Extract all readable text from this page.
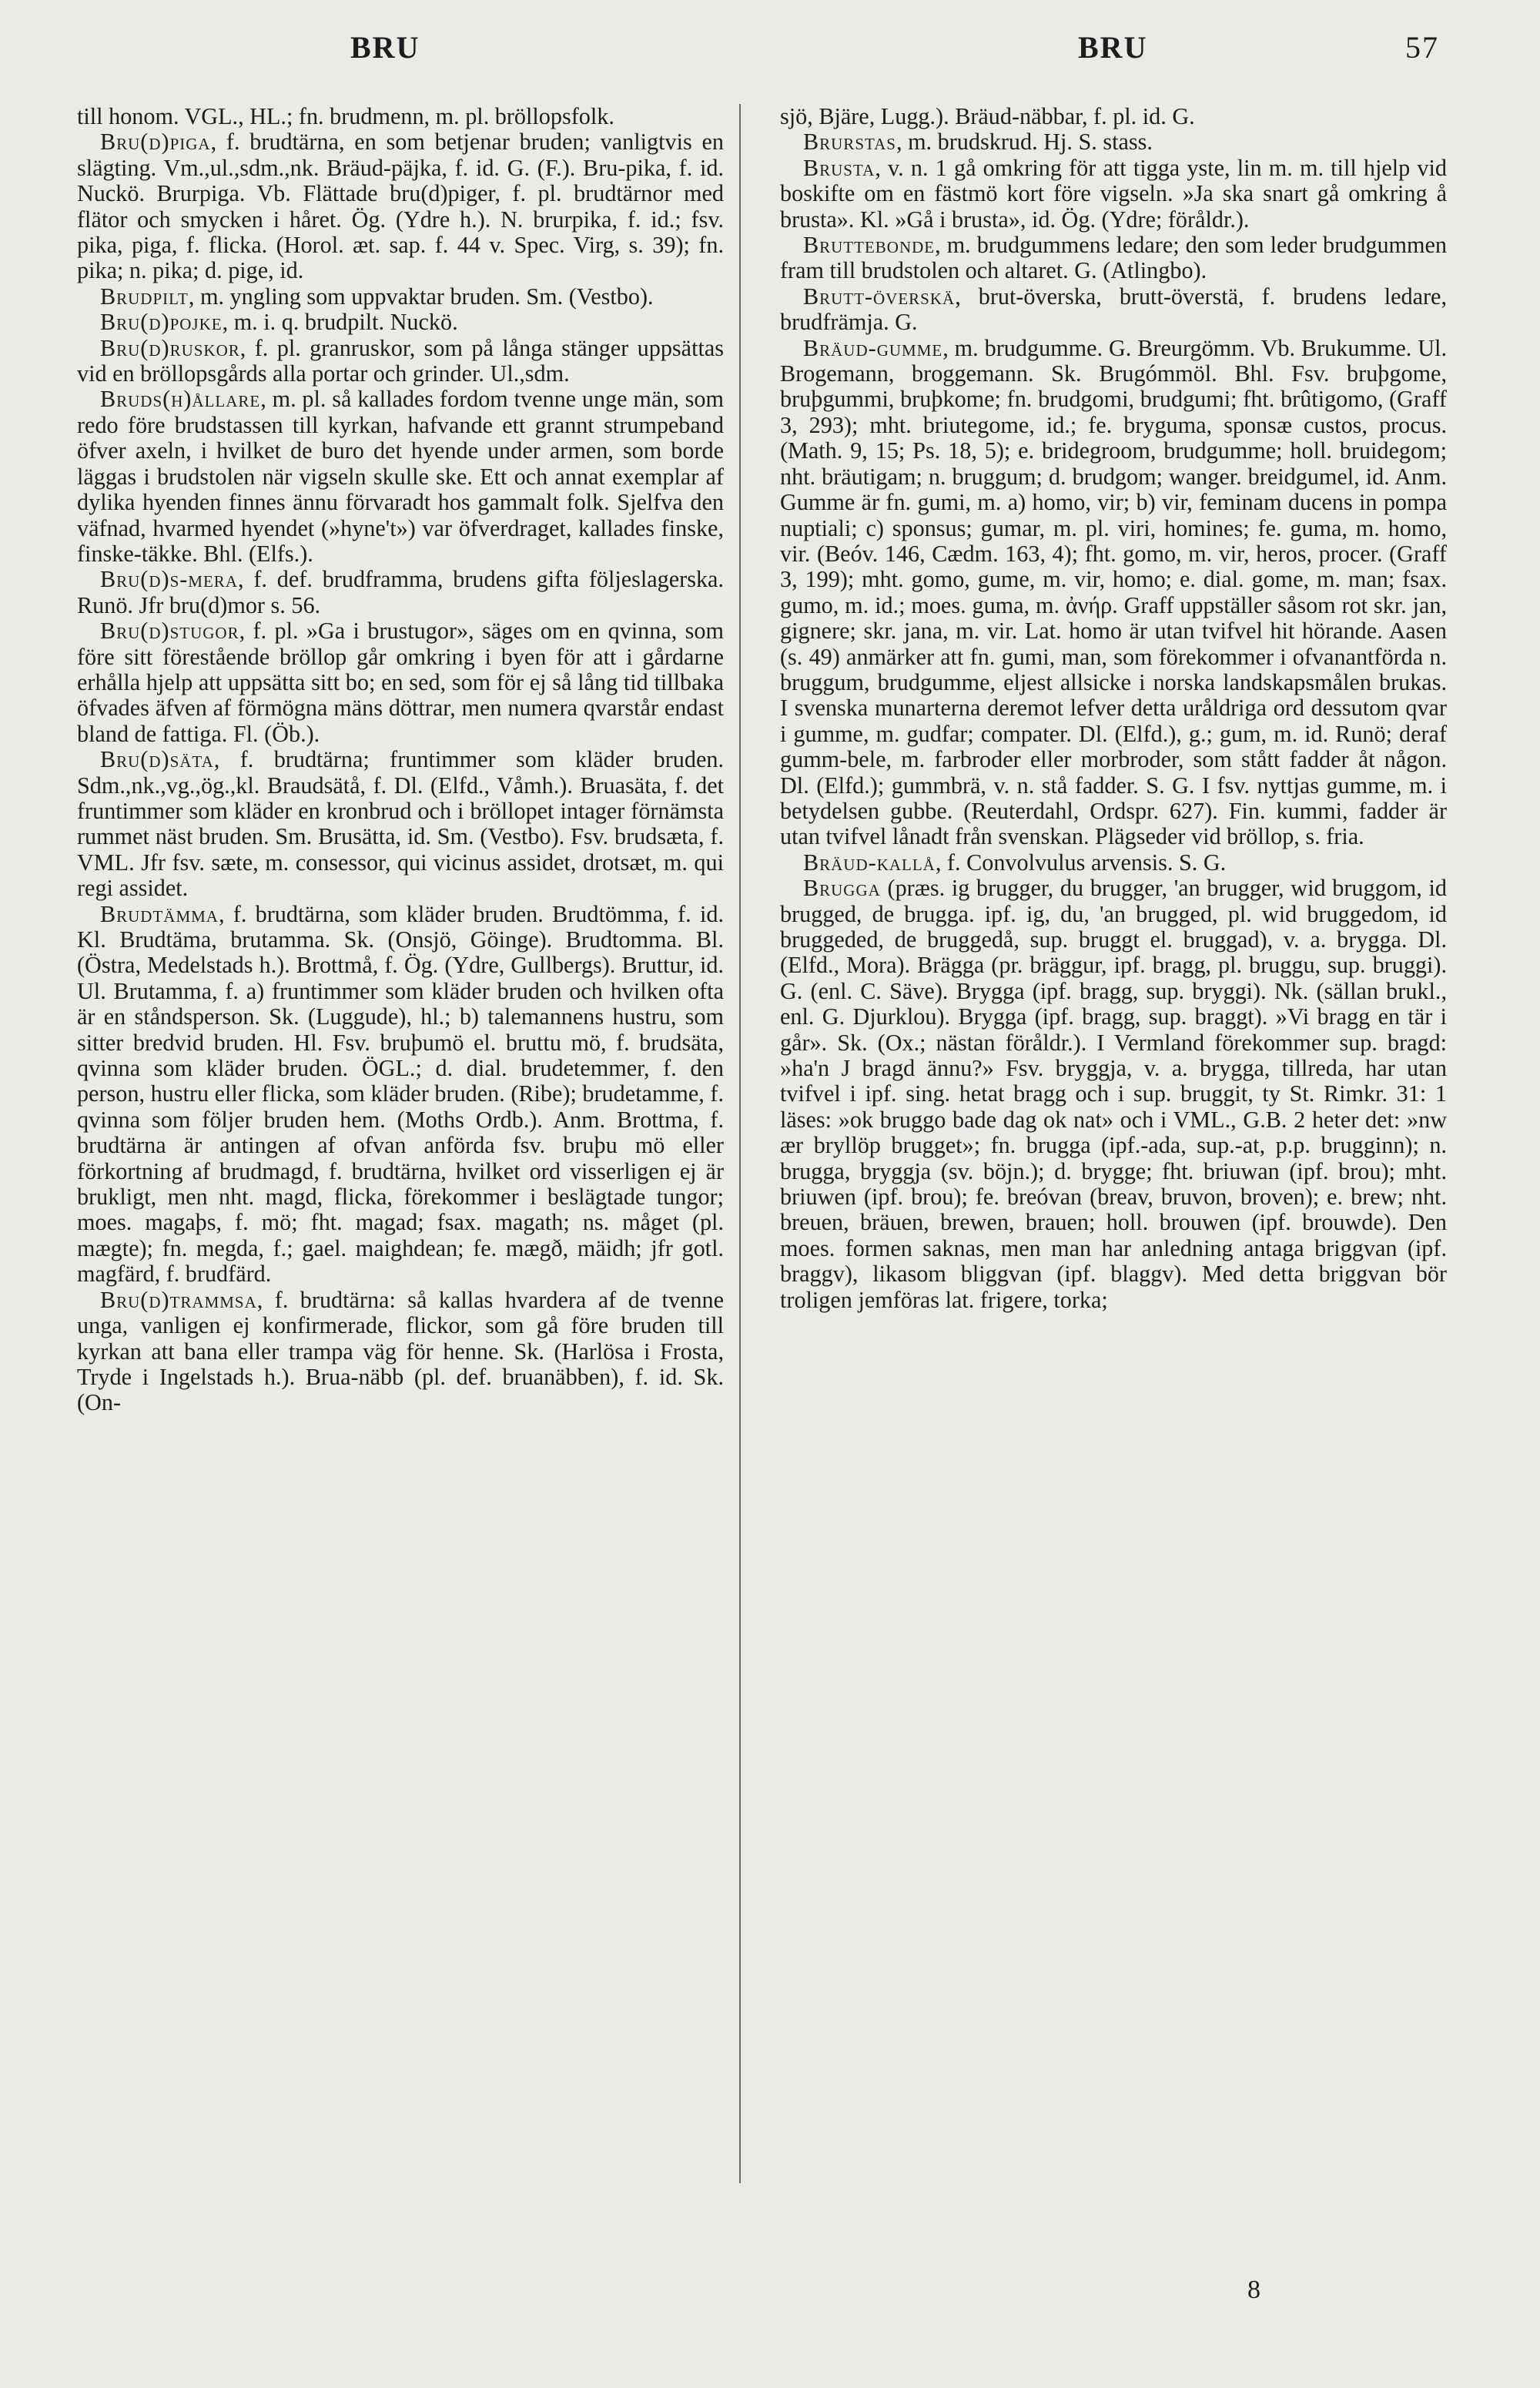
BRU	BRU	57

till honom. VGL., HL.; fn. brudmenn, m. pl. bröllopsfolk.

Bru(d)piga, f. brudtärna, en som betjenar bruden; vanligtvis en slägting. Vm.,ul.,sdm.,nk. Bräud-päjka, f. id. G. (F.). Bru-pika, f. id. Nuckö. Brurpiga. Vb. Flättade bru(d)piger, f. pl. brudtärnor med flätor och smycken i håret. Ög. (Ydre h.). N. brurpika, f. id.; fsv. pika, piga, f. flicka. (Horol. æt. sap. f. 44 v. Spec. Virg, s. 39); fn. pika; n. pika; d. pige, id.

Brudpilt, m. yngling som uppvaktar bruden. Sm. (Vestbo).

Bru(d)pojke, m. i. q. brudpilt. Nuckö.

Bru(d)ruskor, f. pl. granruskor, som på långa stänger uppsättas vid en bröllopsgårds alla portar och grinder. Ul.,sdm.

Bruds(h)ållare, m. pl. så kallades fordom tvenne unge män, som redo före brudstassen till kyrkan, hafvande ett grannt strumpeband öfver axeln, i hvilket de buro det hyende under armen, som borde läggas i brudstolen när vigseln skulle ske. Ett och annat exemplar af dylika hyenden finnes ännu förvaradt hos gammalt folk. Sjelfva den väfnad, hvarmed hyendet (»hyne't») var öfverdraget, kallades finske, finske-täkke. Bhl. (Elfs.).

Bru(d)s-mera, f. def. brudframma, brudens gifta följeslagerska. Runö. Jfr bru(d)mor s. 56.

Bru(d)stugor, f. pl. »Ga i brustugor», säges om en qvinna, som före sitt förestående bröllop går omkring i byen för att i gårdarne erhålla hjelp att uppsätta sitt bo; en sed, som för ej så lång tid tillbaka öfvades äfven af förmögna mäns döttrar, men numera qvarstår endast bland de fattiga. Fl. (Öb.).

Bru(d)säta, f. brudtärna; fruntimmer som kläder bruden. Sdm.,nk.,vg.,ög.,kl. Braudsätå, f. Dl. (Elfd., Våmh.). Bruasäta, f. det fruntimmer som kläder en kronbrud och i bröllopet intager förnämsta rummet näst bruden. Sm. Brusätta, id. Sm. (Vestbo). Fsv. brudsæta, f. VML. Jfr fsv. sæte, m. consessor, qui vicinus assidet, drotsæt, m. qui regi assidet.

Brudtämma, f. brudtärna, som kläder bruden. Brudtömma, f. id. Kl. Brudtäma, brutamma. Sk. (Onsjö, Göinge). Brudtomma. Bl. (Östra, Medelstads h.). Brottmå, f. Ög. (Ydre, Gullbergs). Bruttur, id. Ul. Brutamma, f. a) fruntimmer som kläder bruden och hvilken ofta är en ståndsperson. Sk. (Luggude), hl.; b) talemannens hustru, som sitter bredvid bruden. Hl. Fsv. bruþumö el. bruttu mö, f. brudsäta, qvinna som kläder bruden. ÖGL.; d. dial. brudetemmer, f. den person, hustru eller flicka, som kläder bruden. (Ribe); brudetamme, f. qvinna som följer bruden hem. (Moths Ordb.). Anm. Brottma, f. brudtärna är antingen af ofvan anförda fsv. bruþu mö eller förkortning af brudmagd, f. brudtärna, hvilket ord visserligen ej är brukligt, men nht. magd, flicka, förekommer i beslägtade tungor; moes. magaþs, f. mö; fht. magad; fsax. magath; ns. måget (pl. mægte); fn. megda, f.; gael. maighdean; fe. mægð, mäidh; jfr gotl. magfärd, f. brudfärd.

Bru(d)trammsa, f. brudtärna: så kallas hvardera af de tvenne unga, vanligen ej konfirmerade, flickor, som gå före bruden till kyrkan att bana eller trampa väg för henne. Sk. (Harlösa i Frosta, Tryde i Ingelstads h.). Brua-näbb (pl. def. bruanäbben), f. id. Sk. (On-

sjö, Bjäre, Lugg.). Bräud-näbbar, f. pl. id. G.

Brurstas, m. brudskrud. Hj. S. stass.

Brusta, v. n. 1 gå omkring för att tigga yste, lin m. m. till hjelp vid boskifte om en fästmö kort före vigseln. »Ja ska snart gå omkring å brusta». Kl. »Gå i brusta», id. Ög. (Ydre; föråldr.).

Bruttebonde, m. brudgummens ledare; den som leder brudgummen fram till brudstolen och altaret. G. (Atlingbo).

Brutt-överskä, brut-överska, brutt-överstä, f. brudens ledare, brudfrämja. G.

Bräud-gumme, m. brudgumme. G. Breurgömm. Vb. Brukumme. Ul. Brogemann, broggemann. Sk. Brugómmöl. Bhl. Fsv. bruþgome, bruþgummi, bruþkome; fn. brudgomi, brudgumi; fht. brûtigomo, (Graff 3, 293); mht. briutegome, id.; fe. bryguma, sponsæ custos, procus. (Math. 9, 15; Ps. 18, 5); e. bridegroom, brudgumme; holl. bruidegom; nht. bräutigam; n. bruggum; d. brudgom; wanger. breidgumel, id. Anm. Gumme är fn. gumi, m. a) homo, vir; b) vir, feminam ducens in pompa nuptiali; c) sponsus; gumar, m. pl. viri, homines; fe. guma, m. homo, vir. (Beóv. 146, Cædm. 163, 4); fht. gomo, m. vir, heros, procer. (Graff 3, 199); mht. gomo, gume, m. vir, homo; e. dial. gome, m. man; fsax. gumo, m. id.; moes. guma, m. ἀνήρ. Graff uppställer såsom rot skr. jan, gignere; skr. jana, m. vir. Lat. homo är utan tvifvel hit hörande. Aasen (s. 49) anmärker att fn. gumi, man, som förekommer i ofvanantförda n. bruggum, brudgumme, eljest allsicke i norska landskapsmålen brukas. I svenska munarterna deremot lefver detta uråldriga ord dessutom qvar i gumme, m. gudfar; compater. Dl. (Elfd.), g.; gum, m. id. Runö; deraf gumm-bele, m. farbroder eller morbroder, som stått fadder åt någon. Dl. (Elfd.); gummbrä, v. n. stå fadder. S. G. I fsv. nyttjas gumme, m. i betydelsen gubbe. (Reuterdahl, Ordspr. 627). Fin. kummi, fadder är utan tvifvel lånadt från svenskan. Plägseder vid bröllop, s. fria.

Bräud-kallå, f. Convolvulus arvensis. S. G.

Brugga (præs. ig brugger, du brugger, 'an brugger, wid bruggom, id brugged, de brugga. ipf. ig, du, 'an brugged, pl. wid bruggedom, id bruggeded, de bruggedå, sup. bruggt el. bruggad), v. a. brygga. Dl. (Elfd., Mora). Brägga (pr. bräggur, ipf. bragg, pl. bruggu, sup. bruggi). G. (enl. C. Säve). Brygga (ipf. bragg, sup. bryggi). Nk. (sällan brukl., enl. G. Djurklou). Bryggа (ipf. bragg, sup. braggt). »Vi bragg en tär i går». Sk. (Ox.; nästan föråldr.). I Vermland förekommer sup. bragd: »ha'n J bragd ännu?» Fsv. bryggja, v. a. brygga, tillreda, har utan tvifvel i ipf. sing. hetat bragg och i sup. bruggit, ty St. Rimkr. 31: 1 läses: »ok bruggo bade dag ok nat» och i VML., G.B. 2 heter det: »nw ær bryllöp brugget»; fn. brugga (ipf.-ada, sup.-at, p.p. brugginn); n. brugga, bryggja (sv. böjn.); d. brygge; fht. briuwan (ipf. brou); mht. briuwen (ipf. brou); fe. breóvan (breav, bruvon, broven); e. brew; nht. breuen, bräuen, brewen, brauen; holl. brouwen (ipf. brouwde). Den moes. formen saknas, men man har anledning antaga briggvan (ipf. braggv), likasom bliggvan (ipf. blaggv). Med detta briggvan bör troligen jemföras lat. frigere, torka;

8
